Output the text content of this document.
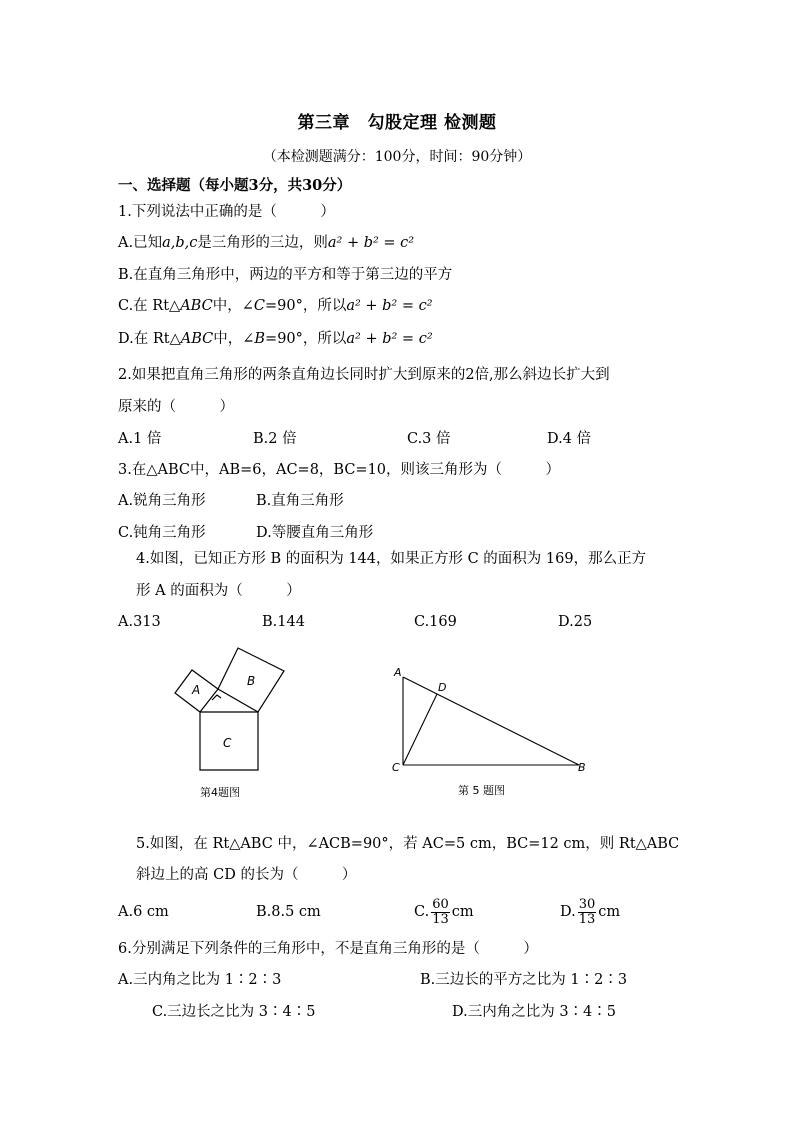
第三章　勾股定理 检测题
（本检测题满分：100分，时间：90分钟）
一、选择题（每小题3分，共30分）
1.下列说法中正确的是（　　　）
A.已知a,b,c是三角形的三边，则a² + b² = c²
B.在直角三角形中，两边的平方和等于第三边的平方
C.在 Rt△ABC中，∠C=90°，所以a² + b² = c²
D.在 Rt△ABC中，∠B=90°，所以a² + b² = c²
2.如果把直角三角形的两条直角边长同时扩大到原来的2倍,那么斜边长扩大到
原来的（　　　）
A.1 倍	B.2 倍	C.3 倍	D.4 倍
3.在△ABC中，AB=6，AC=8，BC=10，则该三角形为（　　　）
A.锐角三角形	B.直角三角形
C.钝角三角形	D.等腰直角三角形
4.如图，已知正方形 B 的面积为 144，如果正方形 C 的面积为 169，那么正方
形 A 的面积为（　　　）
A.313	B.144	C.169	D.25
A
B
C
第4题图
A
D
C	B
第 5 题图
5.如图，在 Rt△ABC 中，∠ACB=90°，若 AC=5 cm，BC=12 cm，则 Rt△ABC
斜边上的高 CD 的长为（　　　）
A.6 cm	B.8.5 cm	C. $\frac{60}{13}$ cm	D. $\frac{30}{13}$ cm
6.分别满足下列条件的三角形中，不是直角三角形的是（　　　）
A.三内角之比为 1∶2∶3	B.三边长的平方之比为 1∶2∶3
C.三边长之比为 3∶4∶5	D.三内角之比为 3∶4∶5
